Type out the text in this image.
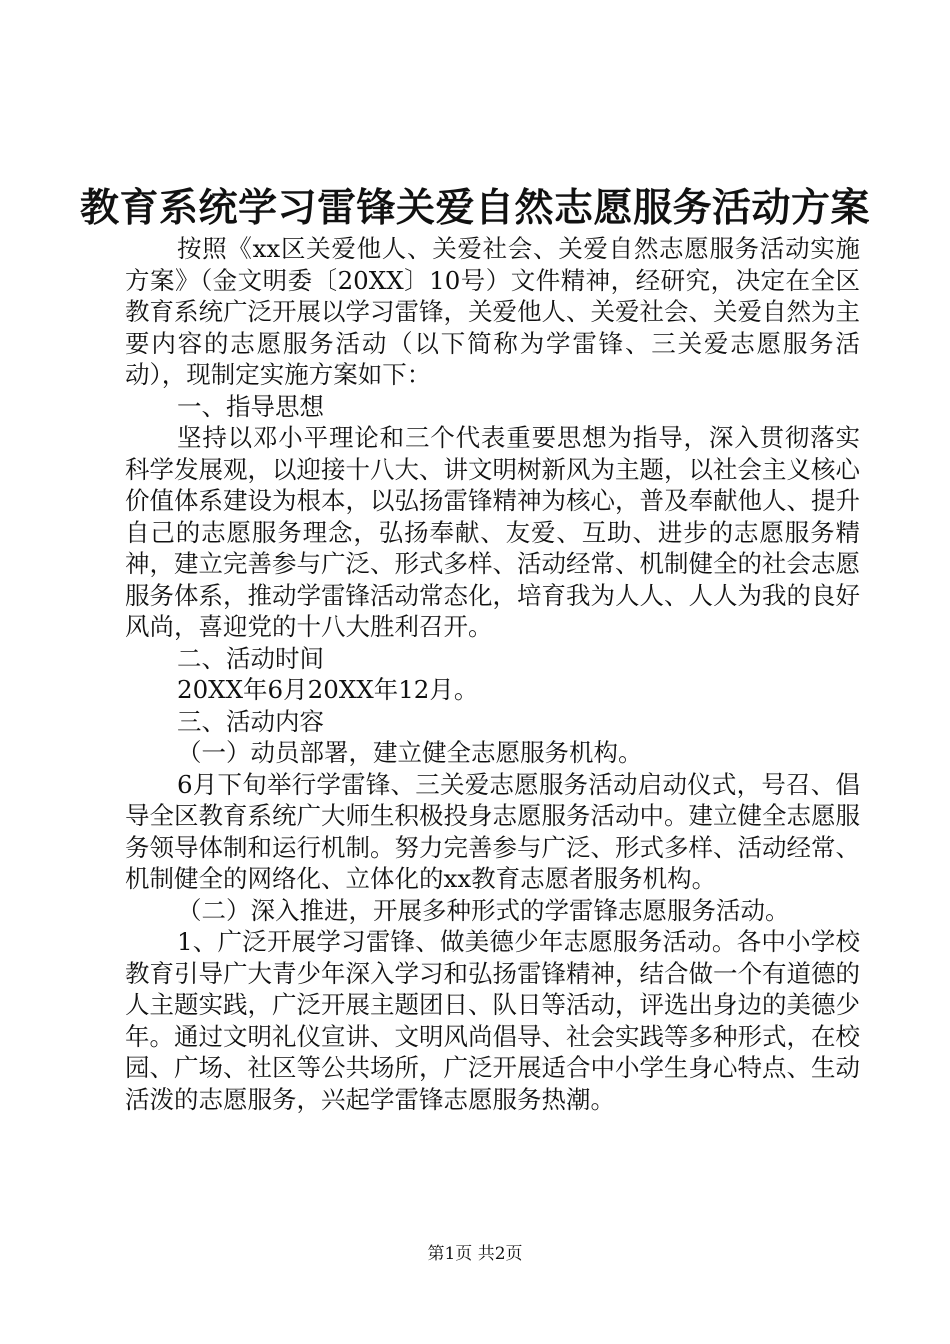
教育系统学习雷锋关爱自然志愿服务活动方案

按照《xx区关爱他人、关爱社会、关爱自然志愿服务活动实施方案》（金文明委〔20XX〕10号）文件精神，经研究，决定在全区教育系统广泛开展以学习雷锋，关爱他人、关爱社会、关爱自然为主要内容的志愿服务活动（以下简称为学雷锋、三关爱志愿服务活动），现制定实施方案如下：

一、指导思想

坚持以邓小平理论和三个代表重要思想为指导，深入贯彻落实科学发展观，以迎接十八大、讲文明树新风为主题，以社会主义核心价值体系建设为根本，以弘扬雷锋精神为核心，普及奉献他人、提升自己的志愿服务理念，弘扬奉献、友爱、互助、进步的志愿服务精神，建立完善参与广泛、形式多样、活动经常、机制健全的社会志愿服务体系，推动学雷锋活动常态化，培育我为人人、人人为我的良好风尚，喜迎党的十八大胜利召开。

二、活动时间

20XX年6月20XX年12月。

三、活动内容

（一）动员部署，建立健全志愿服务机构。

6月下旬举行学雷锋、三关爱志愿服务活动启动仪式，号召、倡导全区教育系统广大师生积极投身志愿服务活动中。建立健全志愿服务领导体制和运行机制。努力完善参与广泛、形式多样、活动经常、机制健全的网络化、立体化的xx教育志愿者服务机构。

（二）深入推进，开展多种形式的学雷锋志愿服务活动。

1、广泛开展学习雷锋、做美德少年志愿服务活动。各中小学校教育引导广大青少年深入学习和弘扬雷锋精神，结合做一个有道德的人主题实践，广泛开展主题团日、队日等活动，评选出身边的美德少年。通过文明礼仪宣讲、文明风尚倡导、社会实践等多种形式，在校园、广场、社区等公共场所，广泛开展适合中小学生身心特点、生动活泼的志愿服务，兴起学雷锋志愿服务热潮。

第1页 共2页
